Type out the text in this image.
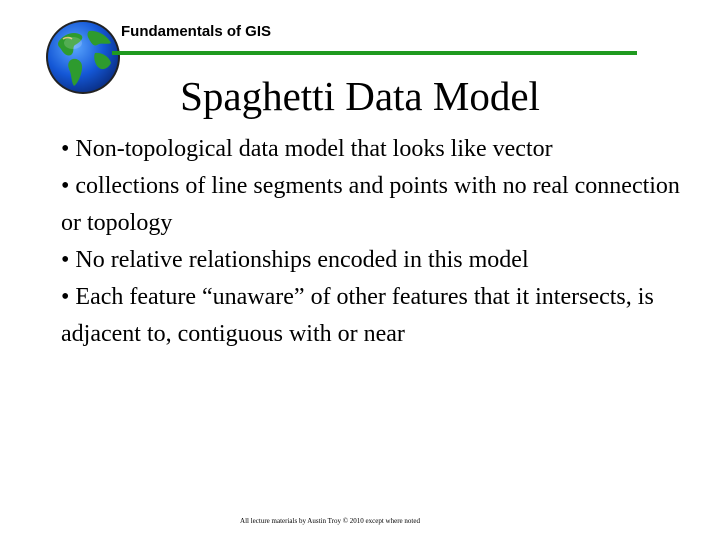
Fundamentals of GIS
Spaghetti Data Model
• Non-topological data model that looks like vector
• collections of line segments and points with no real connection or topology
• No relative relationships encoded in this model
• Each feature “unaware” of other features that it intersects, is adjacent to, contiguous with or near
All lecture materials by Austin Troy © 2010 except where noted
